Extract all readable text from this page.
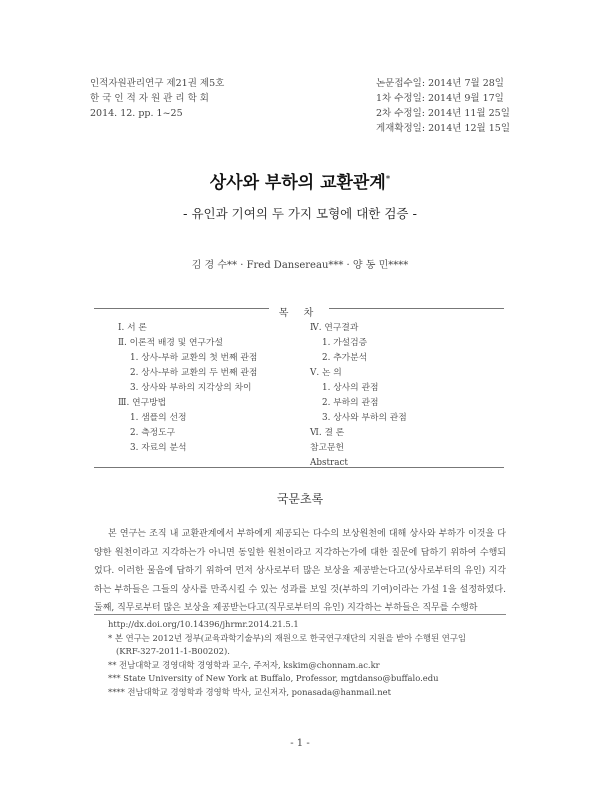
인적자원관리연구 제21권 제5호
한 국 인 적 자 원 관 리 학 회
2014. 12. pp. 1~25
논문접수일: 2014년 7월 28일
1차 수정일: 2014년 9월 17일
2차 수정일: 2014년 11월 25일
게재확정일: 2014년 12월 15일
상사와 부하의 교환관계*
- 유인과 기여의 두 가지 모형에 대한 검증 -
김 경 수** · Fred Dansereau*** · 양 동 민****
목 차
Ⅰ. 서 론
Ⅱ. 이론적 배경 및 연구가설
1. 상사-부하 교환의 첫 번째 관점
2. 상사-부하 교환의 두 번째 관점
3. 상사와 부하의 지각상의 차이
Ⅲ. 연구방법
1. 샘플의 선정
2. 측정도구
3. 자료의 분석
Ⅳ. 연구결과
1. 가설검증
2. 추가분석
Ⅴ. 논 의
1. 상사의 관점
2. 부하의 관점
3. 상사와 부하의 관점
Ⅵ. 결 론
참고문헌
Abstract
국문초록

본 연구는 조직 내 교환관계에서 부하에게 제공되는 다수의 보상원천에 대해 상사와 부하가 이것을 다양한 원천이라고 지각하는가 아니면 동일한 원천이라고 지각하는가에 대한 질문에 답하기 위하여 수행되었다. 이러한 물음에 답하기 위하여 먼저 상사로부터 많은 보상을 제공받는다고(상사로부터의 유인) 지각하는 부하들은 그들의 상사를 만족시킬 수 있는 성과를 보일 것(부하의 기여)이라는 가설 1을 설정하였다. 둘째, 직무로부터 많은 보상을 제공받는다고(직무로부터의 유인) 지각하는 부하들은 직무를 수행하

http://dx.doi.org/10.14396/jhrmr.2014.21.5.1
* 본 연구는 2012년 정부(교육과학기술부)의 재원으로 한국연구재단의 지원을 받아 수행된 연구임
(KRF-327-2011-1-B00202).
** 전남대학교 경영대학 경영학과 교수, 주저자, kskim@chonnam.ac.kr
*** State University of New York at Buffalo, Professor, mgtdanso@buffalo.edu
**** 전남대학교 경영학과 경영학 박사, 교신저자, ponasada@hanmail.net
- 1 -
